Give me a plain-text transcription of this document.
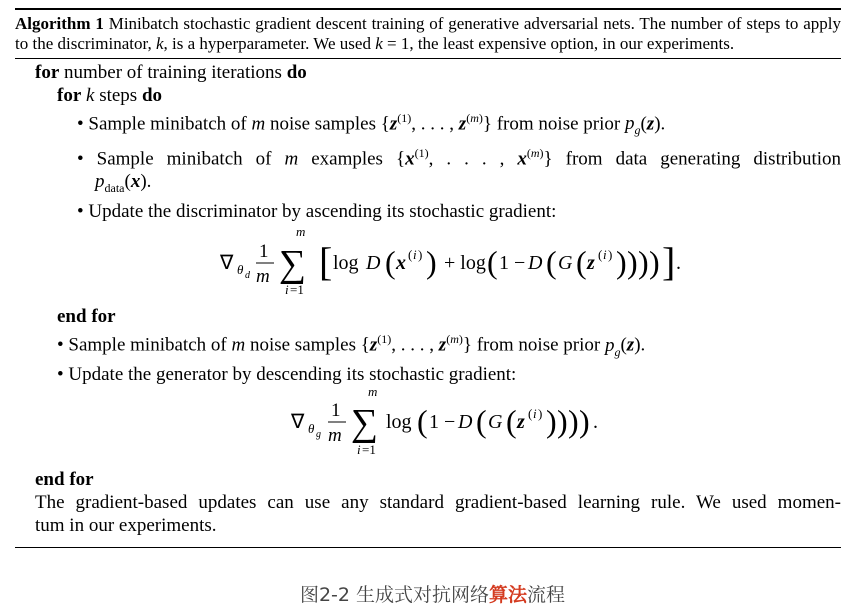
Algorithm 1 Minibatch stochastic gradient descent training of generative adversarial nets. The number of steps to apply to the discriminator, k, is a hyperparameter. We used k = 1, the least expensive option, in our experiments.
for number of training iterations do
for k steps do
• Sample minibatch of m noise samples {$z^{(1)}$, . . . , $z^{(m)}$} from noise prior $p_g(z)$.
• Sample minibatch of m examples {$x^{(1)}$, . . . , $x^{(m)}$} from data generating distribution
$p_{data}(x)$.
• Update the discriminator by ascending its stochastic gradient:
∇ θ d
1
m
m
∑
i =1
[ log D ( x ( i ) ) + log ( 1 − D ( G ( z ( i ) ) ) ) ) ] .
end for
• Sample minibatch of m noise samples {$z^{(1)}$, . . . , $z^{(m)}$} from noise prior $p_g(z)$.
• Update the generator by descending its stochastic gradient:
∇ θ g
1
m
m
∑
i =1
log ( 1 − D ( G ( z ( i ) ) ) ) ) .
end for
The gradient-based updates can use any standard gradient-based learning rule. We used momen-
tum in our experiments.
图2-2 生成式对抗网络算法流程
